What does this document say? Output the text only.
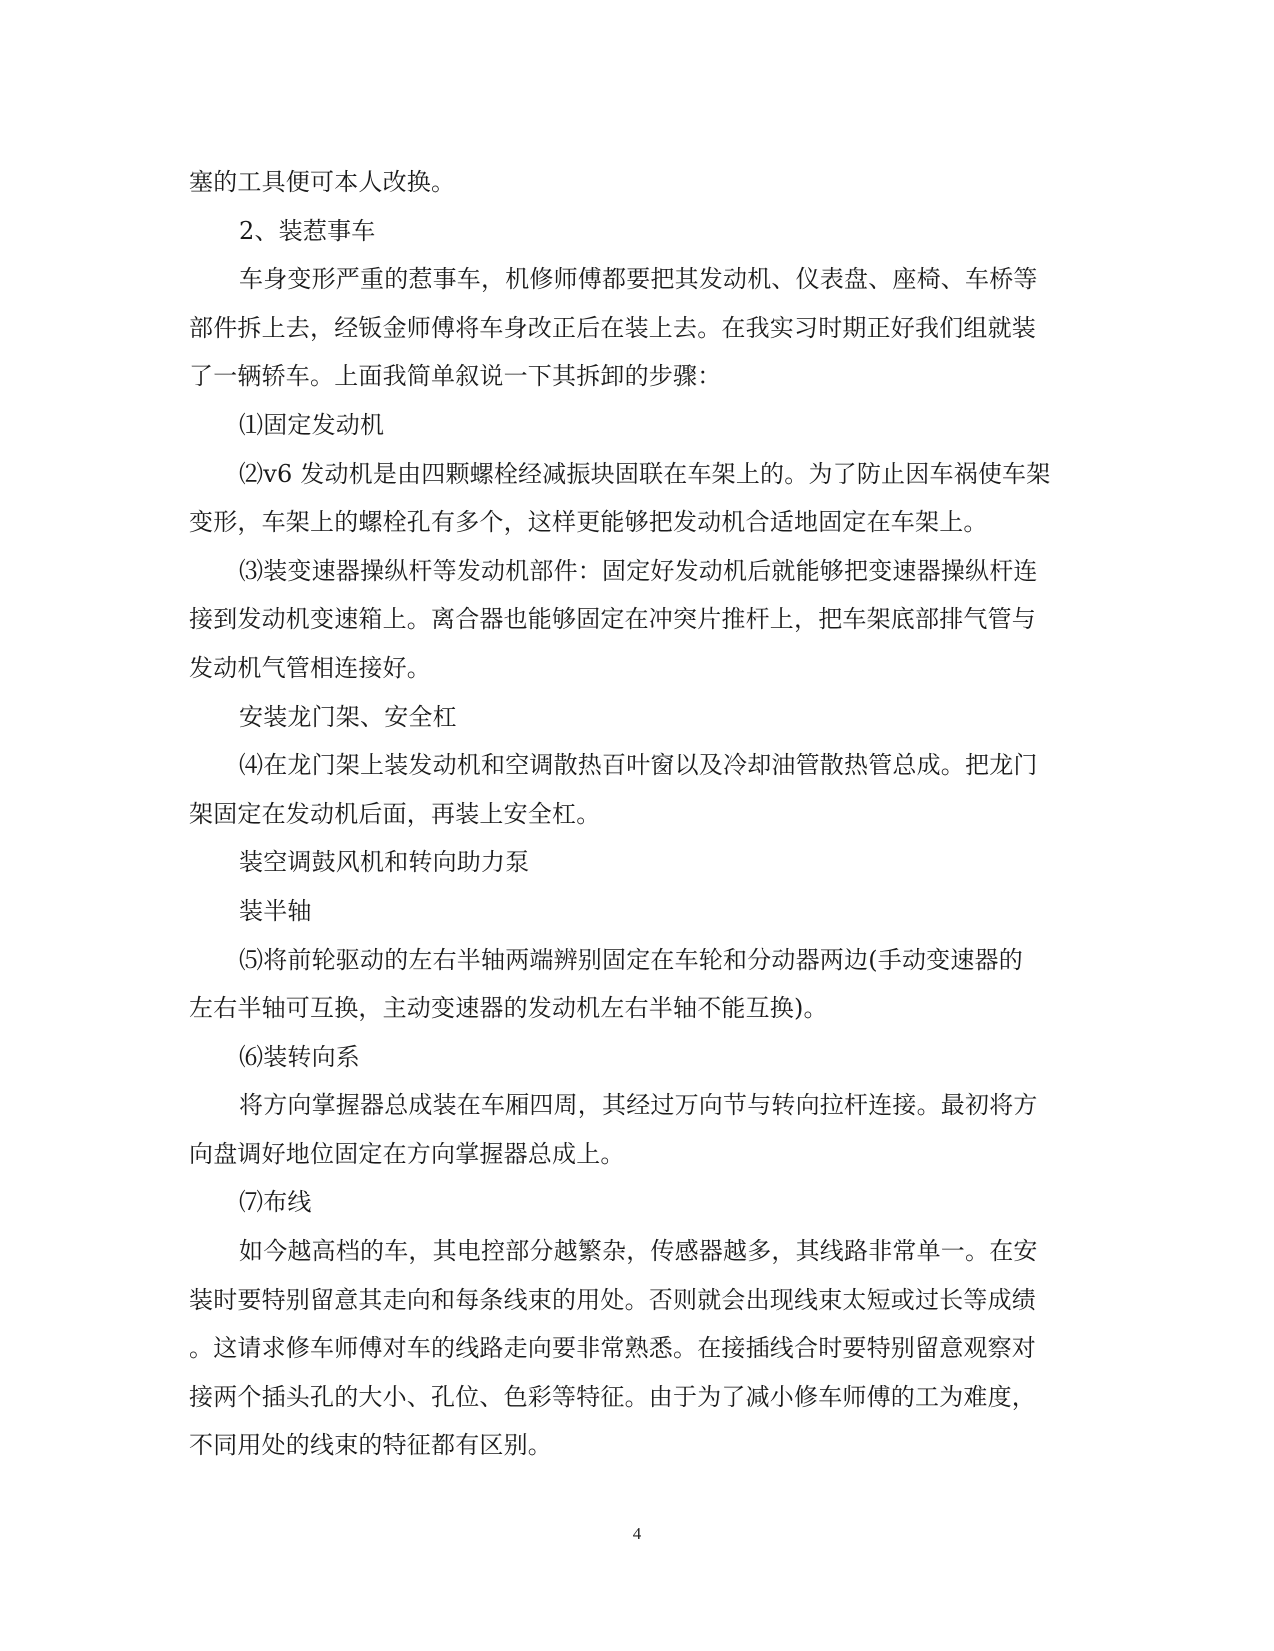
塞的工具便可本人改换。
2、装惹事车
车身变形严重的惹事车，机修师傅都要把其发动机、仪表盘、座椅、车桥等
部件拆上去，经钣金师傅将车身改正后在装上去。在我实习时期正好我们组就装
了一辆轿车。上面我简单叙说一下其拆卸的步骤：
⑴固定发动机
⑵v6 发动机是由四颗螺栓经减振块固联在车架上的。为了防止因车祸使车架
变形，车架上的螺栓孔有多个，这样更能够把发动机合适地固定在车架上。
⑶装变速器操纵杆等发动机部件：固定好发动机后就能够把变速器操纵杆连
接到发动机变速箱上。离合器也能够固定在冲突片推杆上，把车架底部排气管与
发动机气管相连接好。
安装龙门架、安全杠
⑷在龙门架上装发动机和空调散热百叶窗以及冷却油管散热管总成。把龙门
架固定在发动机后面，再装上安全杠。
装空调鼓风机和转向助力泵
装半轴
⑸将前轮驱动的左右半轴两端辨别固定在车轮和分动器两边(手动变速器的
左右半轴可互换，主动变速器的发动机左右半轴不能互换)。
⑹装转向系
将方向掌握器总成装在车厢四周，其经过万向节与转向拉杆连接。最初将方
向盘调好地位固定在方向掌握器总成上。
⑺布线
如今越高档的车，其电控部分越繁杂，传感器越多，其线路非常单一。在安
装时要特别留意其走向和每条线束的用处。否则就会出现线束太短或过长等成绩
。这请求修车师傅对车的线路走向要非常熟悉。在接插线合时要特别留意观察对
接两个插头孔的大小、孔位、色彩等特征。由于为了减小修车师傅的工为难度，
不同用处的线束的特征都有区别。
4
